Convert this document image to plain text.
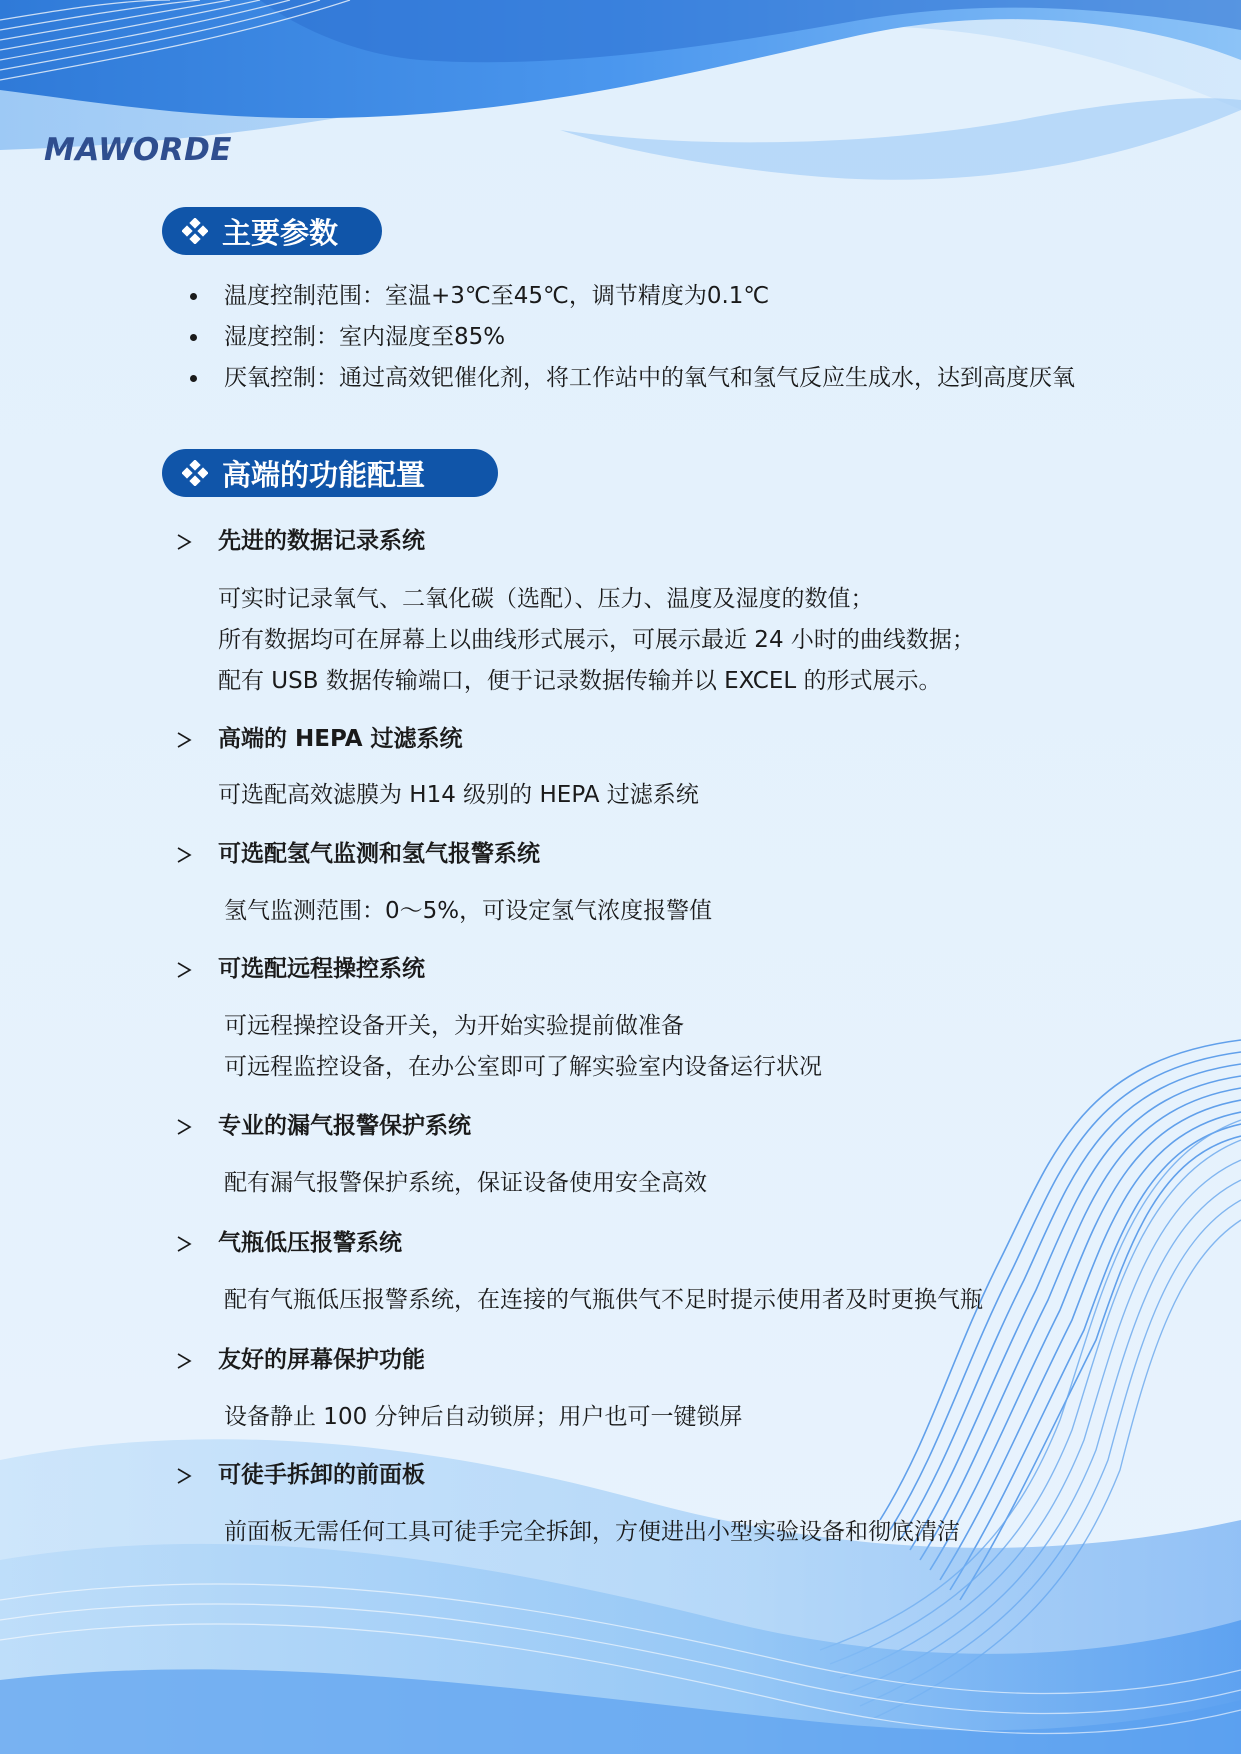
MAWORDE
主要参数
温度控制范围：室温+3℃至45℃，调节精度为0.1℃
湿度控制：室内湿度至85%
厌氧控制：通过高效钯催化剂，将工作站中的氧气和氢气反应生成水，达到高度厌氧
高端的功能配置
先进的数据记录系统
可实时记录氧气、二氧化碳（选配）、压力、温度及湿度的数值；
所有数据均可在屏幕上以曲线形式展示，可展示最近 24 小时的曲线数据；
配有 USB 数据传输端口，便于记录数据传输并以 EXCEL 的形式展示。
高端的 HEPA 过滤系统
可选配高效滤膜为 H14 级别的 HEPA 过滤系统
可选配氢气监测和氢气报警系统
氢气监测范围：0～5%，可设定氢气浓度报警值
可选配远程操控系统
可远程操控设备开关，为开始实验提前做准备
可远程监控设备，在办公室即可了解实验室内设备运行状况
专业的漏气报警保护系统
配有漏气报警保护系统，保证设备使用安全高效
气瓶低压报警系统
配有气瓶低压报警系统，在连接的气瓶供气不足时提示使用者及时更换气瓶
友好的屏幕保护功能
设备静止 100 分钟后自动锁屏；用户也可一键锁屏
可徒手拆卸的前面板
前面板无需任何工具可徒手完全拆卸，方便进出小型实验设备和彻底清洁
